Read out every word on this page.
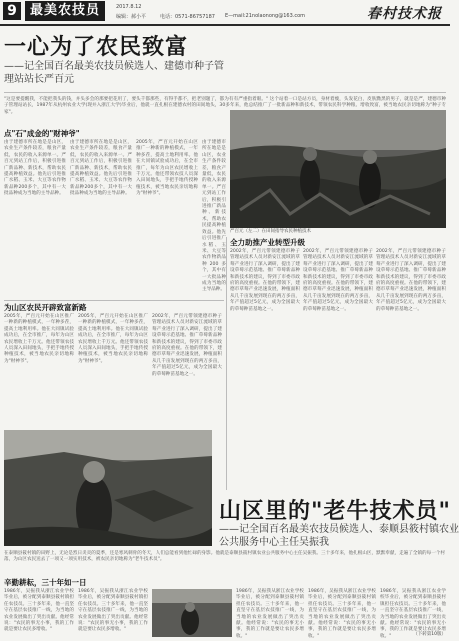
9	最美农技员	2017.8.12
编辑：郝小平	电话：0571-86757187 E—mail:21nolaonong@163.com	春村技术报
一心为了农民致富
——记全国百名最美农技员候选人、建德市种子管
理站站长严百元

"这是要提醒我，不能把我头的钱，并头多会的那要把花用了，要头千都那些，有得手都不，把老别题了，都为有有严重指着眼。" 这个站着一口是站方员，身材着瘦，头发花白，皮肤黝黑的男子，就是是严，建德市种子管理站站长，1987年从杭州农业大学(现并入浙江大学)毕业后，他就一直扎根在建德农村的田间地头，30多年来，他总结推广了一批新品种和新技术，带领农民科学种粮、增收致富，被当地农民亲切地称为"种子专家"。

点"石"成金的"财神爷"

由于建德市所在地是是山区，农业生产条件较差，粮食产量低，农民的收入来源单一。严百元到站工作后，积极引进推广新品种、新技术，帮助农民提高种植效益。他先后引进推广水稻、玉米、大豆等农作物新品种200多个，其中有一大批品种成为当地的主导品种。

由于建德市所在地是是山区，农业生产条件较差，粮食产量低，农民的收入来源单一。严百元到站工作后，积极引进推广新品种、新技术，帮助农民提高种植效益。他先后引进推广水稻、玉米、大豆等农作物新品种200多个，其中有一大批品种成为当地的主导品种。

2005年，严百元开始在山区推广一种新的种植模式，一年种多茬，提高土地利用率。他在大同镇试验成功后，在全市推广，每年为山区农民增收上千万元。他还带领农技人员深入田间地头，手把手地传授种植技术，被当地农民亲切地称为"财神爷"。

由于建德市所在地是是山区，农业生产条件较差，粮食产量低，农民的收入来源单一。严百元到站工作后，积极引进推广新品种、新技术，帮助农民提高种植效益。他先后引进推广水稻、玉米、大豆等农作物新品种200多个，其中有一大批品种成为当地的主导品种。

严百元（左二）在田间指导农民种植技术
全力助推产业转型升级

2002年，严百元带领建德市种子管理站技术人员对新安江流域的草莓产业进行了深入调研，提出了建设草莓示范基地、推广草莓新品种和新技术的建议，得到了市委市政府的高度重视。在他的带领下，建德市草莓产业迅速发展，种植面积从几千亩发展到现在的两万多亩，年产值超过5亿元，成为全国最大的草莓种苗基地之一。

2002年，严百元带领建德市种子管理站技术人员对新安江流域的草莓产业进行了深入调研，提出了建设草莓示范基地、推广草莓新品种和新技术的建议，得到了市委市政府的高度重视。在他的带领下，建德市草莓产业迅速发展，种植面积从几千亩发展到现在的两万多亩，年产值超过5亿元，成为全国最大的草莓种苗基地之一。

2002年，严百元带领建德市种子管理站技术人员对新安江流域的草莓产业进行了深入调研，提出了建设草莓示范基地、推广草莓新品种和新技术的建议，得到了市委市政府的高度重视。在他的带领下，建德市草莓产业迅速发展，种植面积从几千亩发展到现在的两万多亩，年产值超过5亿元，成为全国最大的草莓种苗基地之一。

为山区农民开辟致富新路

2005年，严百元开始在山区推广一种新的种植模式，一年种多茬，提高土地利用率。他在大同镇试验成功后，在全市推广，每年为山区农民增收上千万元。他还带领农技人员深入田间地头，手把手地传授种植技术，被当地农民亲切地称为"财神爷"。

2005年，严百元开始在山区推广一种新的种植模式，一年种多茬，提高土地利用率。他在大同镇试验成功后，在全市推广，每年为山区农民增收上千万元。他还带领农技人员深入田间地头，手把手地传授种植技术，被当地农民亲切地称为"财神爷"。

2002年，严百元带领建德市种子管理站技术人员对新安江流域的草莓产业进行了深入调研，提出了建设草莓示范基地、推广草莓新品种和新技术的建议，得到了市委市政府的高度重视。在他的带领下，建德市草莓产业迅速发展，种植面积从几千亩发展到现在的两万多亩，年产值超过5亿元，成为全国最大的草莓种苗基地之一。

山区里的"老牛技术员"
——记全国百名最美农技员候选人、泰顺县筱村镇农业
公共服务中心主任吴振我

在泰顺县筱村镇的田野上，无论是烈日炎炎的夏季，还是寒风刺骨的冬天，人们总能看到他忙碌的身影。他就是泰顺县筱村镇农业公共服务中心主任吴振我。三十多年来，他扎根山区，默默奉献，走遍了全镇的每一个村落，为山区农民送去了一项又一项实用技术，被农民亲切地称为"老牛技术员"。

辛勤耕耘，三十年如一日

1986年，吴振我从浙江农业学校毕业后，被分配到泰顺县筱村镇担任农技员。三十多年来，他一直坚守在基层农技推广一线，为当地的农业发展做出了突出贡献。他经常说："农民的事无小事，我的工作就是要让农民多增收。"

1986年，吴振我从浙江农业学校毕业后，被分配到泰顺县筱村镇担任农技员。三十多年来，他一直坚守在基层农技推广一线，为当地的农业发展做出了突出贡献。他经常说："农民的事无小事，我的工作就是要让农民多增收。"

1986年，吴振我从浙江农业学校毕业后，被分配到泰顺县筱村镇担任农技员。三十多年来，他一直坚守在基层农技推广一线，为当地的农业发展做出了突出贡献。他经常说："农民的事无小事，我的工作就是要让农民多增收。"

1986年，吴振我从浙江农业学校毕业后，被分配到泰顺县筱村镇担任农技员。三十多年来，他一直坚守在基层农技推广一线，为当地的农业发展做出了突出贡献。他经常说："农民的事无小事，我的工作就是要让农民多增收。"

1986年，吴振我从浙江农业学校毕业后，被分配到泰顺县筱村镇担任农技员。三十多年来，他一直坚守在基层农技推广一线，为当地的农业发展做出了突出贡献。他经常说："农民的事无小事，我的工作就是要让农民多增收。"	（下转第10版）
